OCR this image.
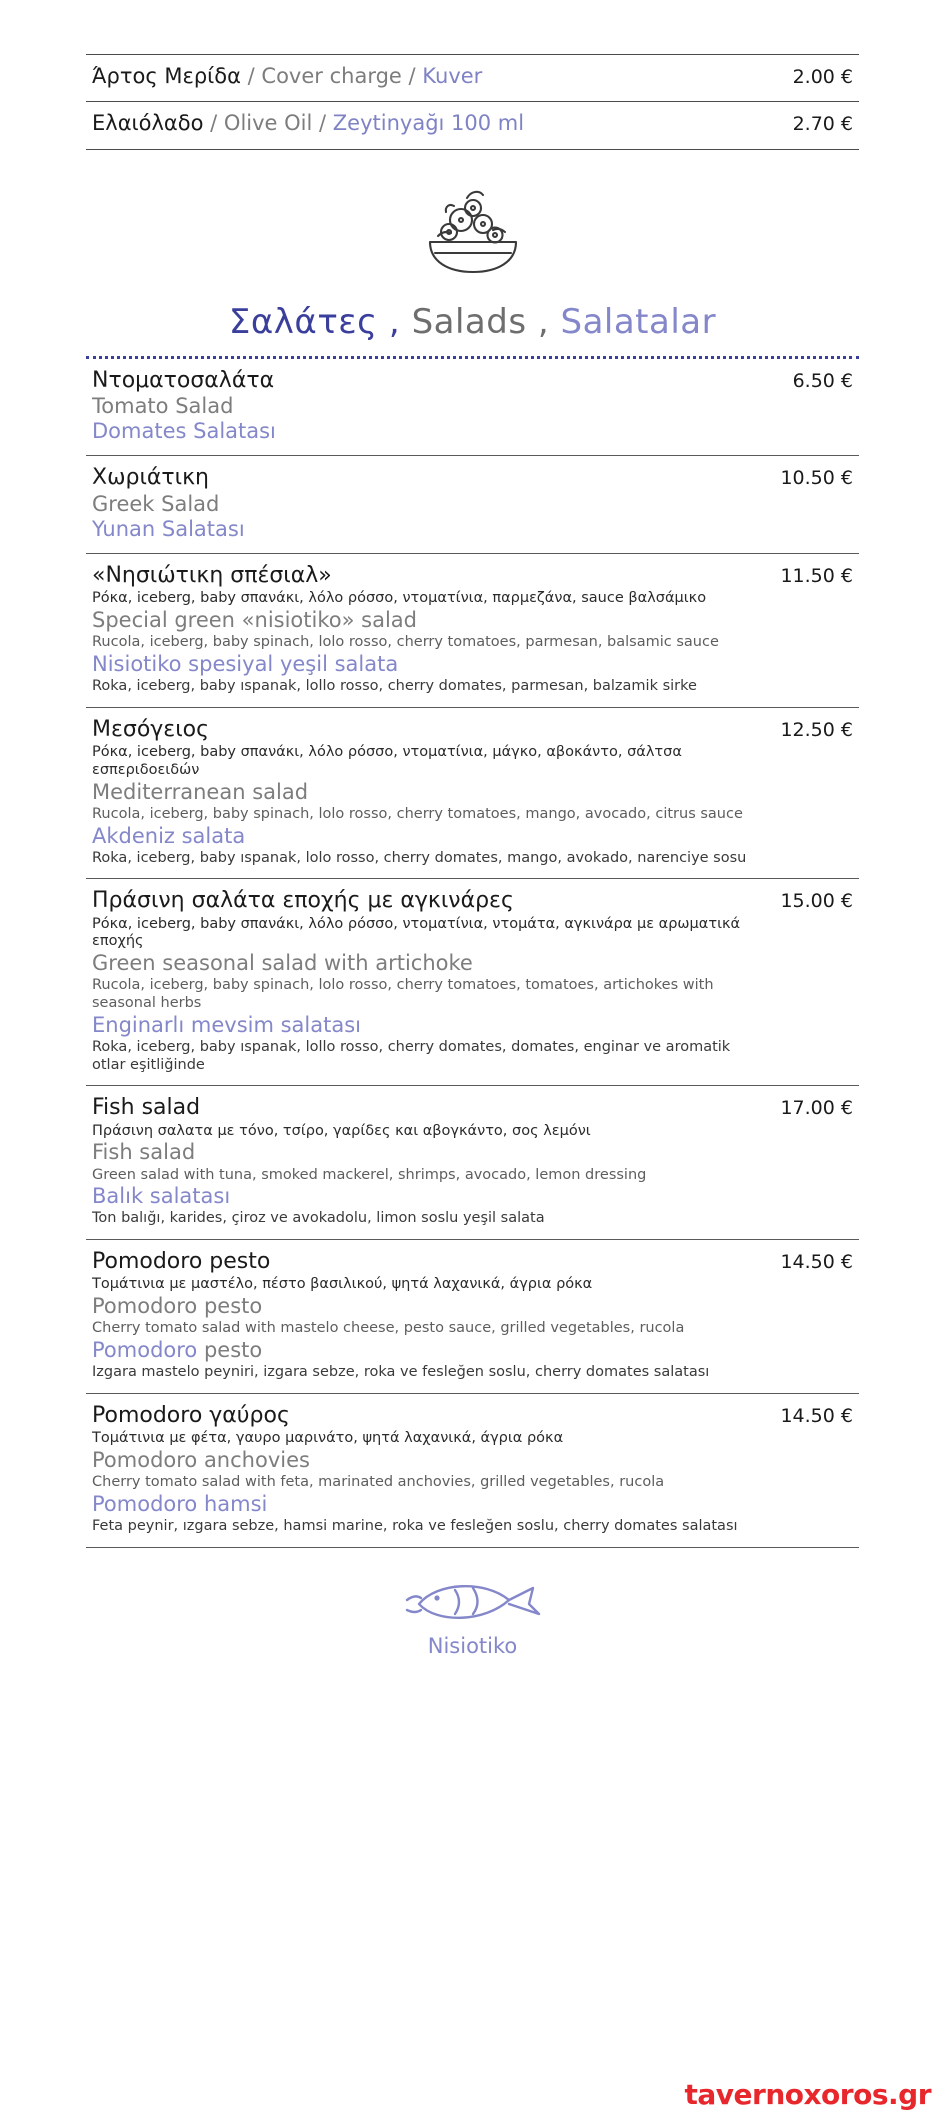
Άρτος Μερίδα / Cover charge / Kuver	2.00 €
Ελαιόλαδο / Olive Oil / Zeytinyağı 100 ml	2.70 €
Σαλάτες , Salads , Salatalar
Ντοματοσαλάτα
Tomato Salad
Domates Salatası
6.50 €
Χωριάτικη
Greek Salad
Yunan Salatası
10.50 €
«Νησιώτικη σπέσιαλ»
Ρόκα, iceberg, baby σπανάκι, λόλο ρόσσο, ντοματίνια, παρμεζάνα, sauce βαλσάμικο
Special green «nisiotiko» salad
Rucola, iceberg, baby spinach, lolo rosso, cherry tomatoes, parmesan, balsamic sauce
Nisiotiko spesiyal yeşil salata
Roka, iceberg, baby ıspanak, lollo rosso, cherry domates, parmesan, balzamik sirke
11.50 €
Μεσόγειος
Ρόκα, iceberg, baby σπανάκι, λόλο ρόσσο, ντοματίνια, μάγκο, αβοκάντο, σάλτσα εσπεριδοειδών
Mediterranean salad
Rucola, iceberg, baby spinach, lolo rosso, cherry tomatoes, mango, avocado, citrus sauce
Akdeniz salata
Roka, iceberg, baby ıspanak, lolo rosso, cherry domates, mango, avokado, narenciye sosu
12.50 €
Πράσινη σαλάτα εποχής με αγκινάρες
Ρόκα, iceberg, baby σπανάκι, λόλο ρόσσο, ντοματίνια, ντομάτα, αγκινάρα με αρωματικά εποχής
Green seasonal salad with artichoke
Rucola, iceberg, baby spinach, lolo rosso, cherry tomatoes, tomatoes, artichokes with seasonal herbs
Enginarlı mevsim salatası
Roka, iceberg, baby ıspanak, lollo rosso, cherry domates, domates, enginar ve aromatik otlar eşitliğinde
15.00 €
Fish salad
Πράσινη σαλατα με τόνο, τσίρο, γαρίδες και αβογκάντο, σος λεμόνι
Fish salad
Green salad with tuna, smoked mackerel, shrimps, avocado, lemon dressing
Balık salatası
Ton balığı, karides, çiroz ve avokadolu, limon soslu yeşil salata
17.00 €
Pomodoro pesto
Τομάτινια με μαστέλο, πέστο βασιλικού, ψητά λαχανικά, άγρια ρόκα
Pomodoro pesto
Cherry tomato salad with mastelo cheese, pesto sauce, grilled vegetables, rucola
Pomodoro pesto
Izgara mastelo peyniri, izgara sebze, roka ve fesleğen soslu, cherry domates salatası
14.50 €
Pomodoro γαύρος
Τομάτινια με φέτα, γαυρο μαρινάτο, ψητά λαχανικά, άγρια ρόκα
Pomodoro anchovies
Cherry tomato salad with feta, marinated anchovies, grilled vegetables, rucola
Pomodoro hamsi
Feta peynir, ızgara sebze, hamsi marine, roka ve fesleğen soslu, cherry domates salatası
14.50 €
Nisiotiko
tavernoxoros.gr
